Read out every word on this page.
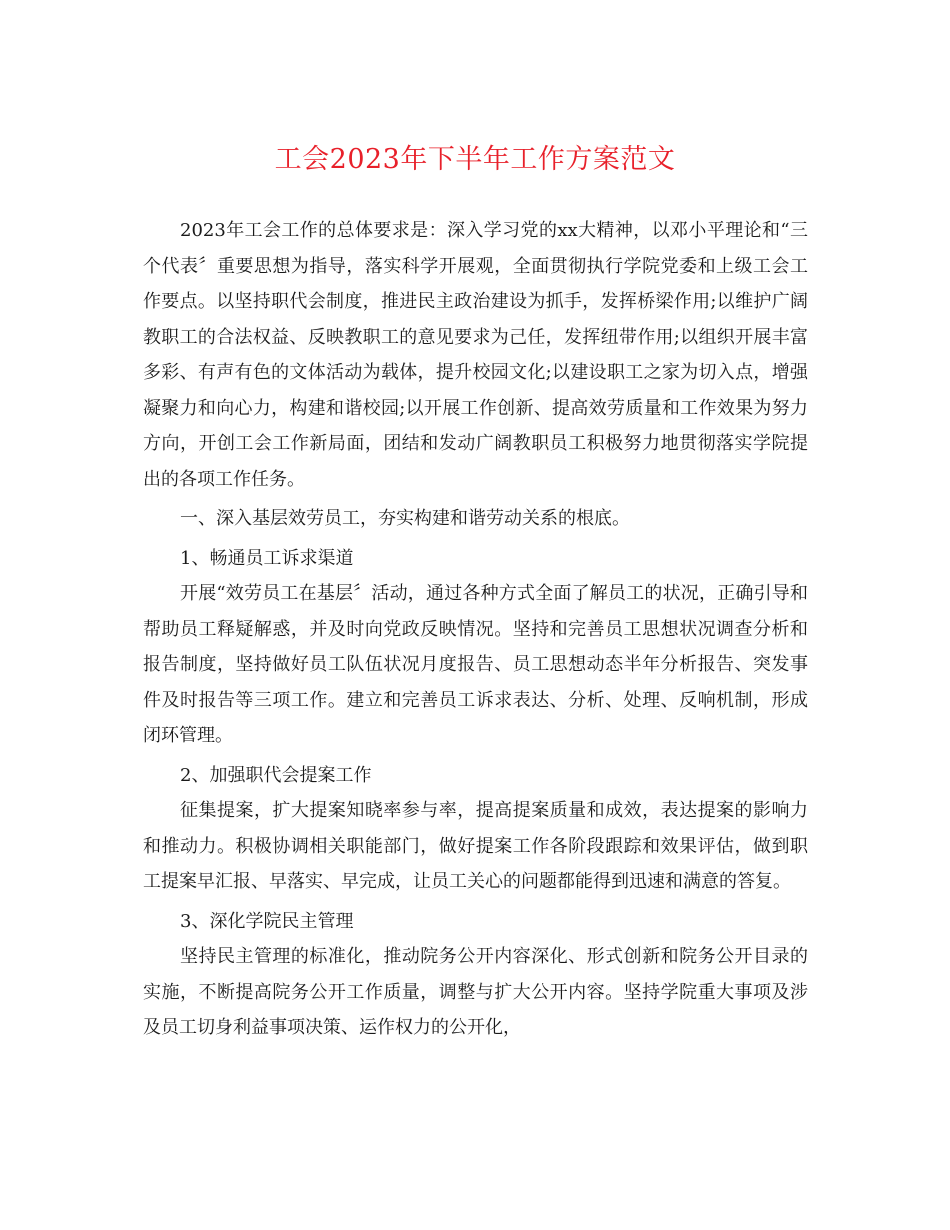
工会2023年下半年工作方案范文

2023年工会工作的总体要求是：深入学习党的xx大精神，以邓小平理论和“三个代表〞重要思想为指导，落实科学开展观，全面贯彻执行学院党委和上级工会工作要点。以坚持职代会制度，推进民主政治建设为抓手，发挥桥梁作用;以维护广阔教职工的合法权益、反映教职工的意见要求为己任，发挥纽带作用;以组织开展丰富多彩、有声有色的文体活动为载体，提升校园文化;以建设职工之家为切入点，增强凝聚力和向心力，构建和谐校园;以开展工作创新、提高效劳质量和工作效果为努力方向，开创工会工作新局面，团结和发动广阔教职员工积极努力地贯彻落实学院提出的各项工作任务。

一、深入基层效劳员工，夯实构建和谐劳动关系的根底。

1、畅通员工诉求渠道

开展“效劳员工在基层〞活动，通过各种方式全面了解员工的状况，正确引导和帮助员工释疑解惑，并及时向党政反映情况。坚持和完善员工思想状况调查分析和报告制度，坚持做好员工队伍状况月度报告、员工思想动态半年分析报告、突发事件及时报告等三项工作。建立和完善员工诉求表达、分析、处理、反响机制，形成闭环管理。

2、加强职代会提案工作

征集提案，扩大提案知晓率参与率，提高提案质量和成效，表达提案的影响力和推动力。积极协调相关职能部门，做好提案工作各阶段跟踪和效果评估，做到职工提案早汇报、早落实、早完成，让员工关心的问题都能得到迅速和满意的答复。

3、深化学院民主管理

坚持民主管理的标准化，推动院务公开内容深化、形式创新和院务公开目录的实施，不断提高院务公开工作质量，调整与扩大公开内容。坚持学院重大事项及涉及员工切身利益事项决策、运作权力的公开化，
